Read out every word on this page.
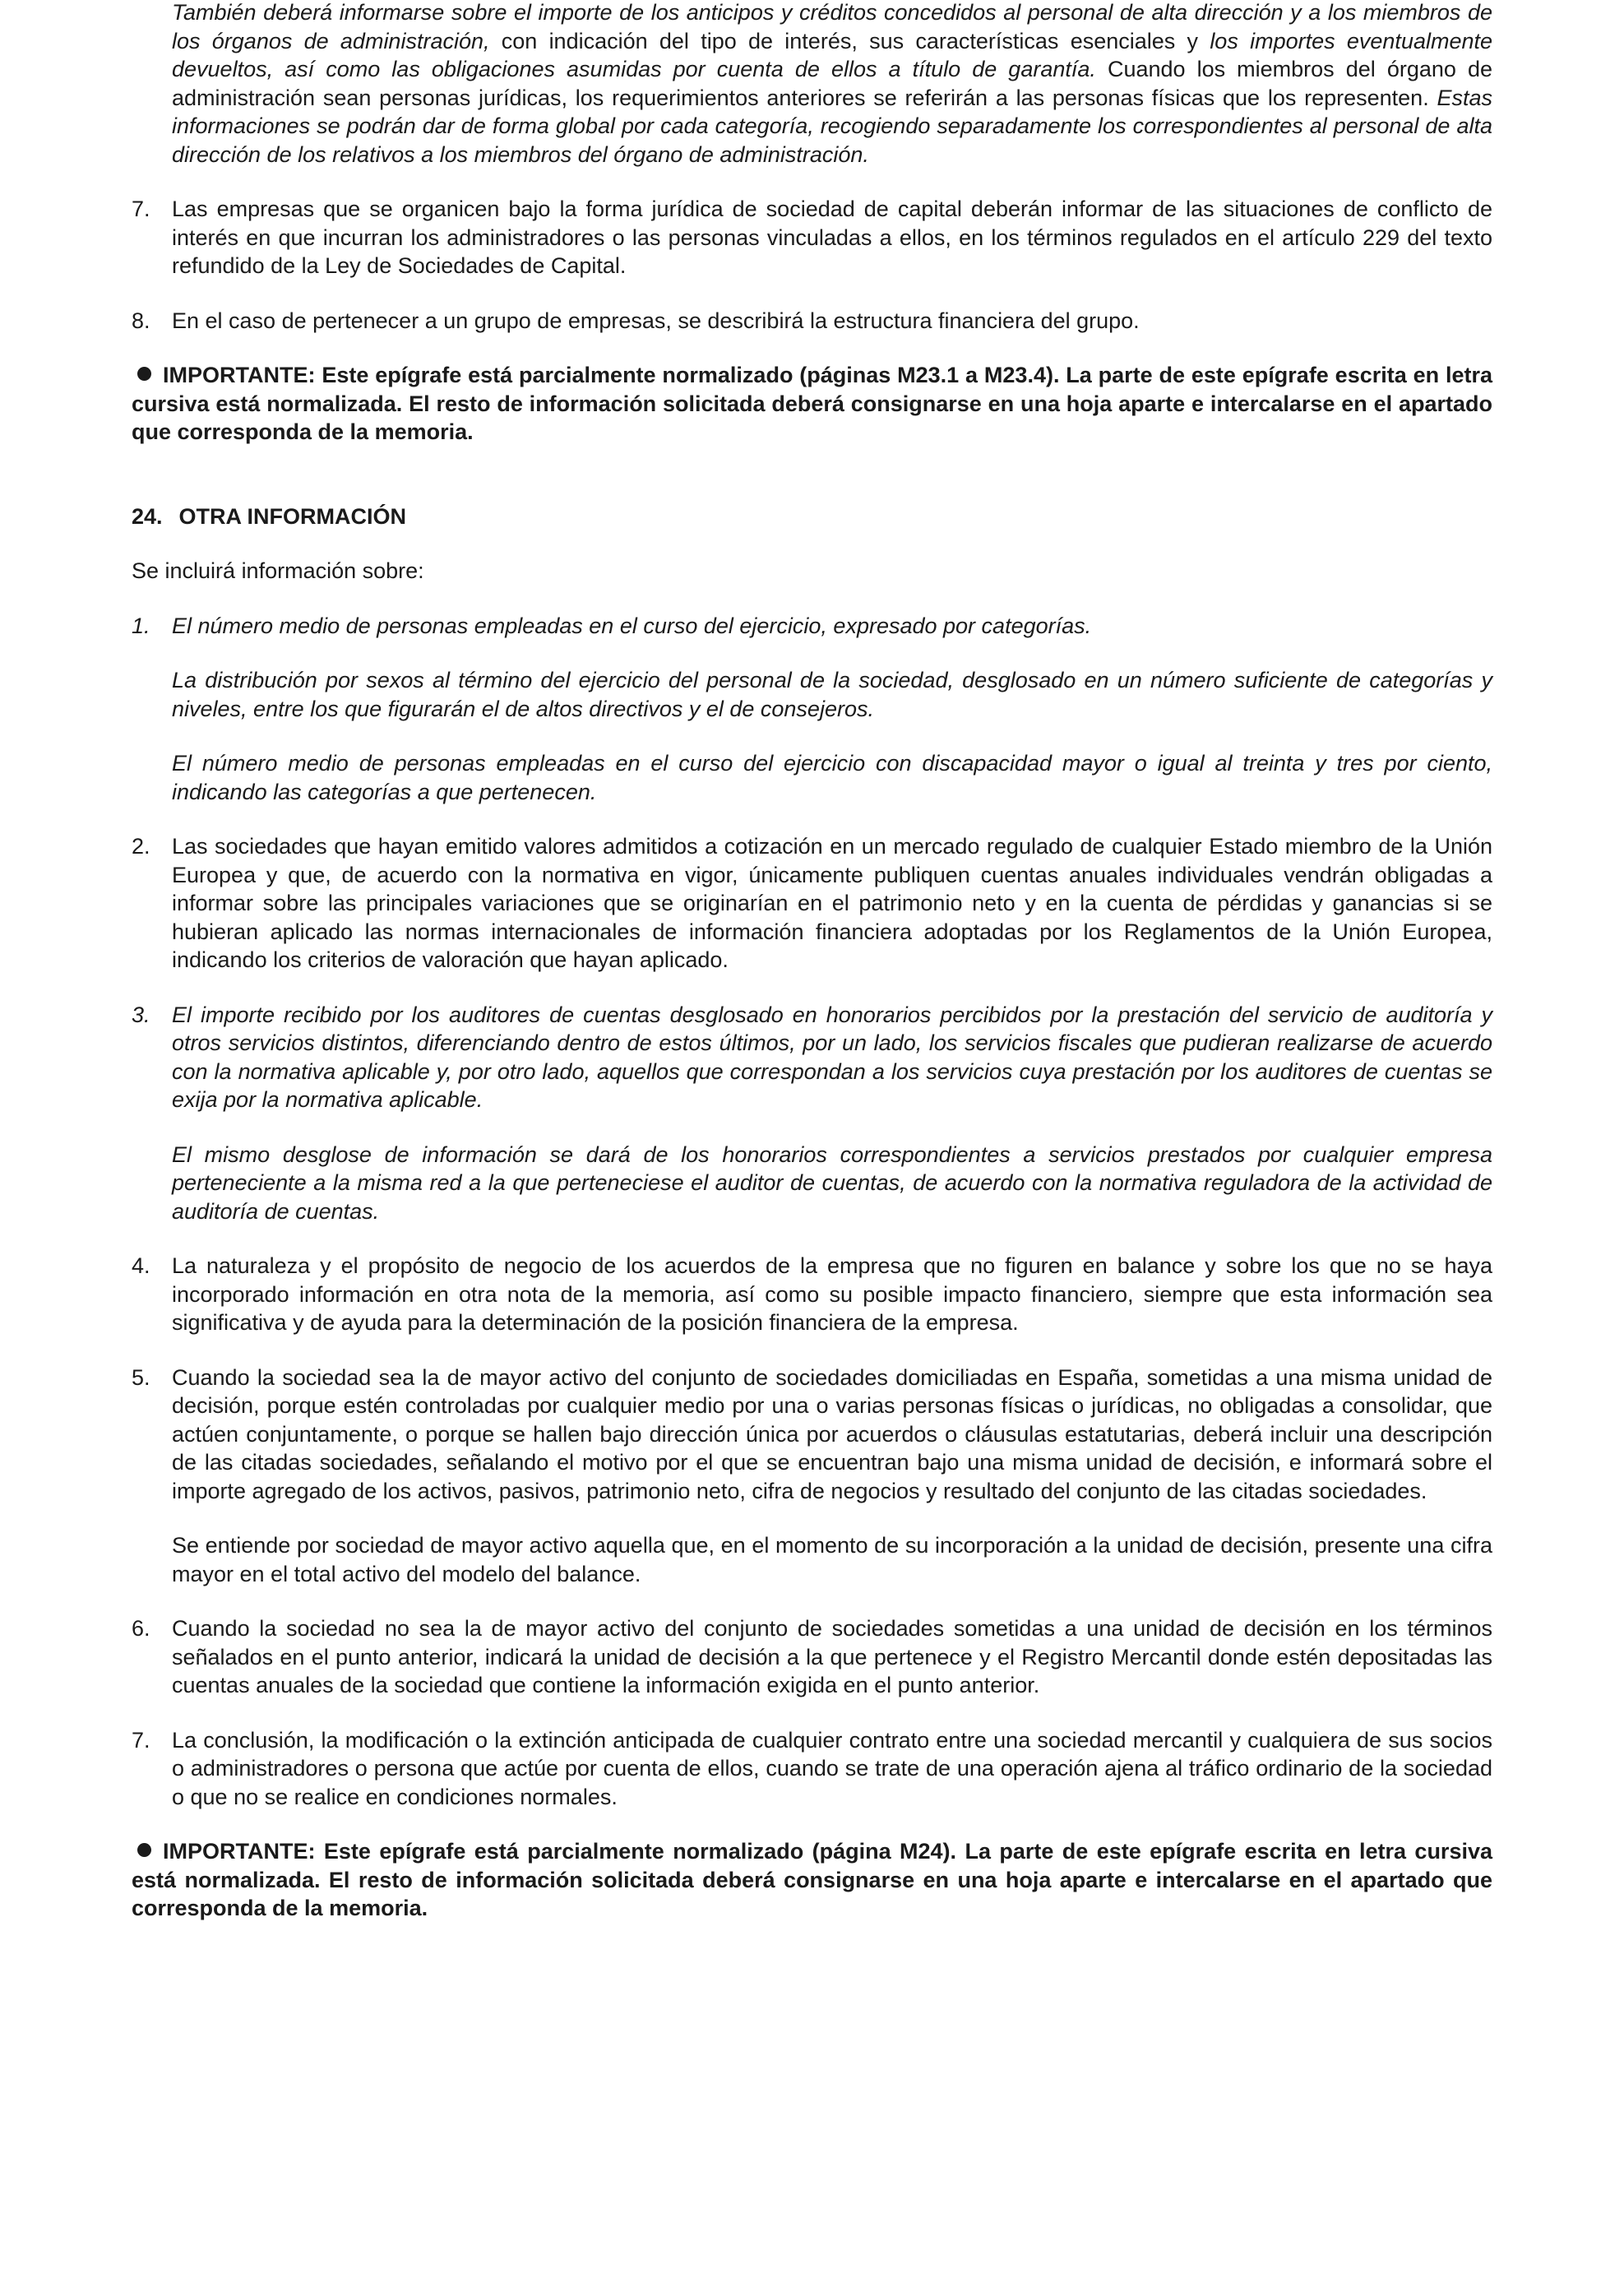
También deberá informarse sobre el importe de los anticipos y créditos concedidos al personal de alta dirección y a los miembros de los órganos de administración, con indicación del tipo de interés, sus características esenciales y los importes eventualmente devueltos, así como las obligaciones asumidas por cuenta de ellos a título de garantía. Cuando los miembros del órgano de administración sean personas jurídicas, los requerimientos anteriores se referirán a las personas físicas que los representen. Estas informaciones se podrán dar de forma global por cada categoría, recogiendo separadamente los correspondientes al personal de alta dirección de los relativos a los miembros del órgano de administración.

7. Las empresas que se organicen bajo la forma jurídica de sociedad de capital deberán informar de las situaciones de conflicto de interés en que incurran los administradores o las personas vinculadas a ellos, en los términos regulados en el artículo 229 del texto refundido de la Ley de Sociedades de Capital.

8. En el caso de pertenecer a un grupo de empresas, se describirá la estructura financiera del grupo.

IMPORTANTE: Este epígrafe está parcialmente normalizado (páginas M23.1 a M23.4). La parte de este epígrafe escrita en letra cursiva está normalizada. El resto de información solicitada deberá consignarse en una hoja aparte e intercalarse en el apartado que corresponda de la memoria.

24. OTRA INFORMACIÓN

Se incluirá información sobre:

1. El número medio de personas empleadas en el curso del ejercicio, expresado por categorías.

La distribución por sexos al término del ejercicio del personal de la sociedad, desglosado en un número suficiente de categorías y niveles, entre los que figurarán el de altos directivos y el de consejeros.

El número medio de personas empleadas en el curso del ejercicio con discapacidad mayor o igual al treinta y tres por ciento, indicando las categorías a que pertenecen.

2. Las sociedades que hayan emitido valores admitidos a cotización en un mercado regulado de cualquier Estado miembro de la Unión Europea y que, de acuerdo con la normativa en vigor, únicamente publiquen cuentas anuales individuales vendrán obligadas a informar sobre las principales variaciones que se originarían en el patrimonio neto y en la cuenta de pérdidas y ganancias si se hubieran aplicado las normas internacionales de información financiera adoptadas por los Reglamentos de la Unión Europea, indicando los criterios de valoración que hayan aplicado.

3. El importe recibido por los auditores de cuentas desglosado en honorarios percibidos por la prestación del servicio de auditoría y otros servicios distintos, diferenciando dentro de estos últimos, por un lado, los servicios fiscales que pudieran realizarse de acuerdo con la normativa aplicable y, por otro lado, aquellos que correspondan a los servicios cuya prestación por los auditores de cuentas se exija por la normativa aplicable.

El mismo desglose de información se dará de los honorarios correspondientes a servicios prestados por cualquier empresa perteneciente a la misma red a la que perteneciese el auditor de cuentas, de acuerdo con la normativa reguladora de la actividad de auditoría de cuentas.

4. La naturaleza y el propósito de negocio de los acuerdos de la empresa que no figuren en balance y sobre los que no se haya incorporado información en otra nota de la memoria, así como su posible impacto financiero, siempre que esta información sea significativa y de ayuda para la determinación de la posición financiera de la empresa.

5. Cuando la sociedad sea la de mayor activo del conjunto de sociedades domiciliadas en España, sometidas a una misma unidad de decisión, porque estén controladas por cualquier medio por una o varias personas físicas o jurídicas, no obligadas a consolidar, que actúen conjuntamente, o porque se hallen bajo dirección única por acuerdos o cláusulas estatutarias, deberá incluir una descripción de las citadas sociedades, señalando el motivo por el que se encuentran bajo una misma unidad de decisión, e informará sobre el importe agregado de los activos, pasivos, patrimonio neto, cifra de negocios y resultado del conjunto de las citadas sociedades.

Se entiende por sociedad de mayor activo aquella que, en el momento de su incorporación a la unidad de decisión, presente una cifra mayor en el total activo del modelo del balance.

6. Cuando la sociedad no sea la de mayor activo del conjunto de sociedades sometidas a una unidad de decisión en los términos señalados en el punto anterior, indicará la unidad de decisión a la que pertenece y el Registro Mercantil donde estén depositadas las cuentas anuales de la sociedad que contiene la información exigida en el punto anterior.

7. La conclusión, la modificación o la extinción anticipada de cualquier contrato entre una sociedad mercantil y cualquiera de sus socios o administradores o persona que actúe por cuenta de ellos, cuando se trate de una operación ajena al tráfico ordinario de la sociedad o que no se realice en condiciones normales.

IMPORTANTE: Este epígrafe está parcialmente normalizado (página M24). La parte de este epígrafe escrita en letra cursiva está normalizada. El resto de información solicitada deberá consignarse en una hoja aparte e intercalarse en el apartado que corresponda de la memoria.
